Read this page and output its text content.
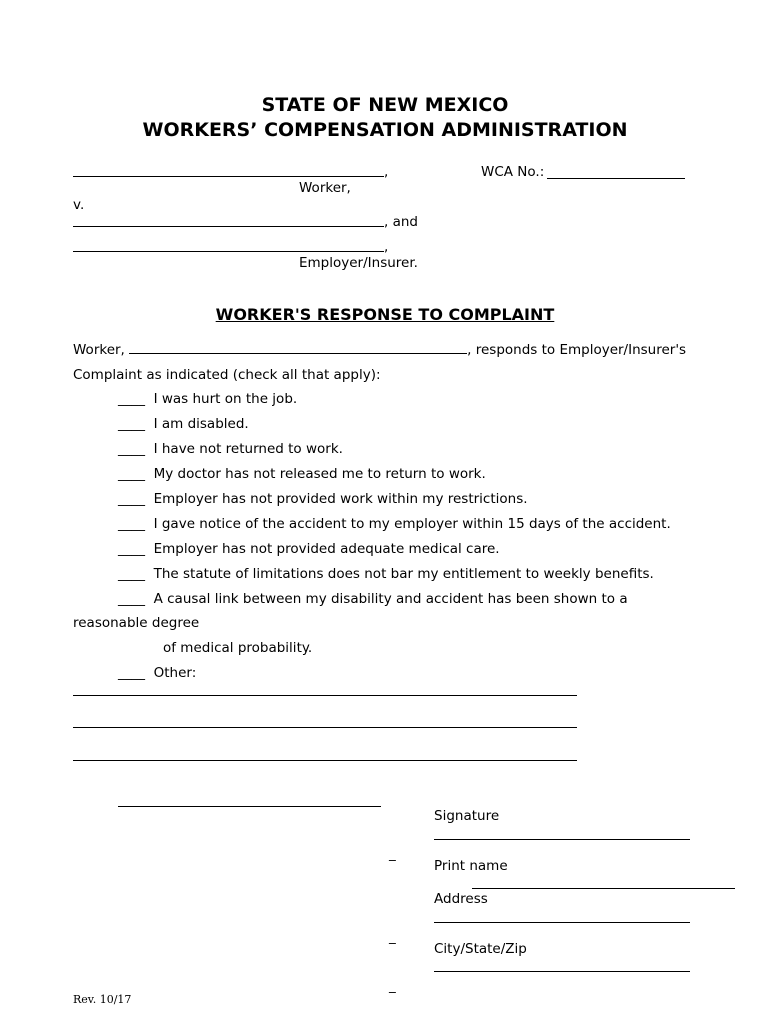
STATE OF NEW MEXICO
WORKERS’ COMPENSATION ADMINISTRATION
,	WCA No.:
Worker,
v.
, and
,
Employer/Insurer.
WORKER'S RESPONSE TO COMPLAINT
Worker,	, responds to Employer/Insurer's
Complaint as indicated (check all that apply):
____ I was hurt on the job.
____ I am disabled.
____ I have not returned to work.
____ My doctor has not released me to return to work.
____ Employer has not provided work within my restrictions.
____ I gave notice of the accident to my employer within 15 days of the accident.
____ Employer has not provided adequate medical care.
____ The statute of limitations does not bar my entitlement to weekly benefits.
____ A causal link between my disability and accident has been shown to a
reasonable degree
of medical probability.
____ Other:
Signature
_
Print name
Address
_
City/State/Zip
_
Rev. 10/17
